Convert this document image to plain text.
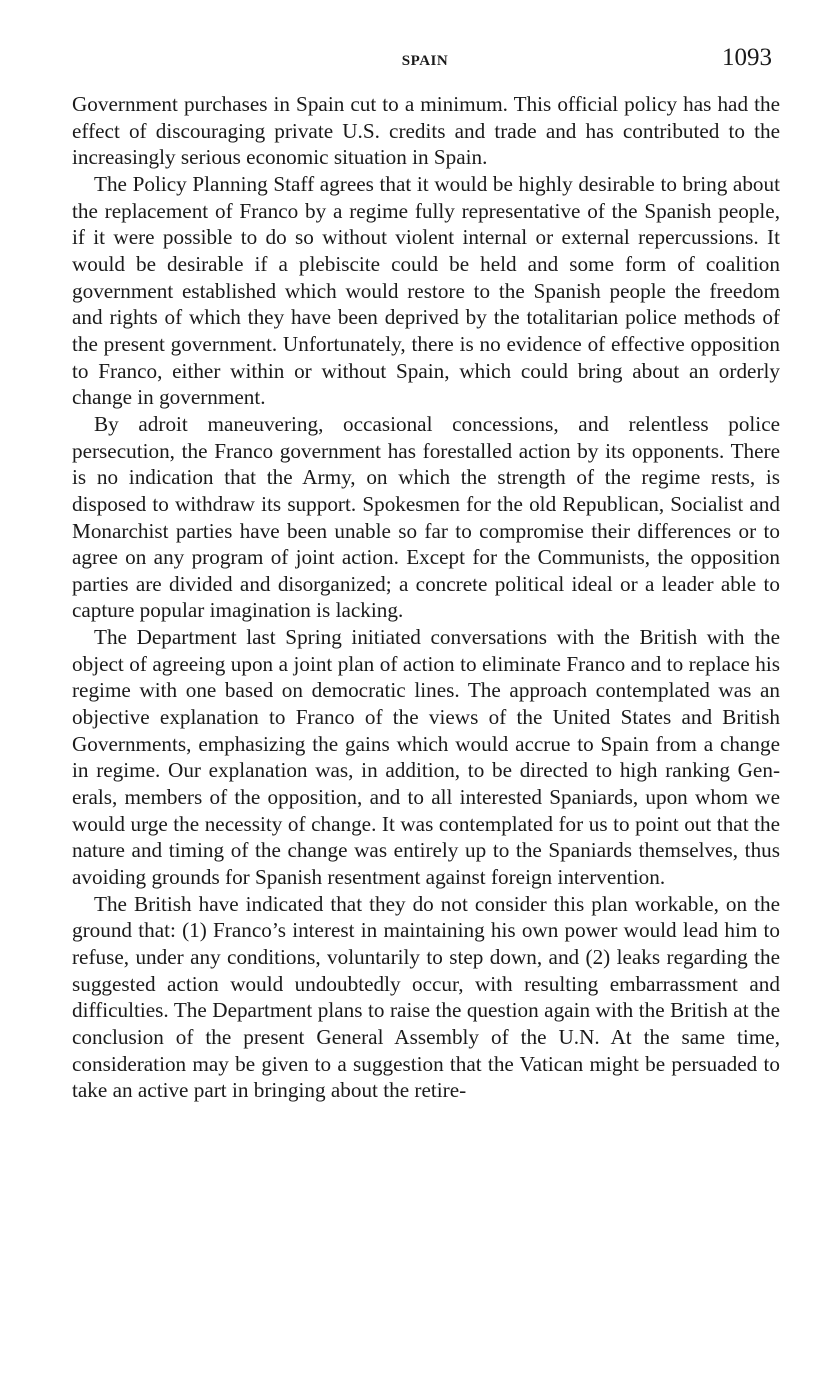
SPAIN	1093

Government purchases in Spain cut to a minimum. This official policy has had the effect of discouraging private U.S. credits and trade and has contributed to the increasingly serious economic situation in Spain.

The Policy Planning Staff agrees that it would be highly desirable to bring about the replacement of Franco by a regime fully representative of the Spanish people, if it were possible to do so without violent internal or external repercussions. It would be desirable if a plebiscite could be held and some form of coalition government established which would restore to the Spanish people the freedom and rights of which they have been deprived by the totalitarian police methods of the present government. Unfortunately, there is no evidence of effective opposition to Franco, either within or without Spain, which could bring about an orderly change in government.

By adroit maneuvering, occasional concessions, and relentless police persecution, the Franco government has forestalled action by its opponents. There is no indication that the Army, on which the strength of the regime rests, is disposed to withdraw its support. Spokesmen for the old Republican, Socialist and Monarchist parties have been unable so far to compromise their differences or to agree on any program of joint action. Except for the Communists, the opposition parties are divided and disorganized; a concrete political ideal or a leader able to capture popular imagination is lacking.

The Department last Spring initiated conversations with the British with the object of agreeing upon a joint plan of action to eliminate Franco and to replace his regime with one based on democratic lines. The approach contemplated was an objective explanation to Franco of the views of the United States and British Governments, emphasizing the gains which would accrue to Spain from a change in regime. Our explanation was, in addition, to be directed to high ranking Generals, members of the opposition, and to all interested Spaniards, upon whom we would urge the necessity of change. It was contemplated for us to point out that the nature and timing of the change was entirely up to the Spaniards themselves, thus avoiding grounds for Spanish resentment against foreign intervention.

The British have indicated that they do not consider this plan workable, on the ground that: (1) Franco’s interest in maintaining his own power would lead him to refuse, under any conditions, voluntarily to step down, and (2) leaks regarding the suggested action would undoubtedly occur, with resulting embarrassment and difficulties. The Department plans to raise the question again with the British at the conclusion of the present General Assembly of the U.N. At the same time, consideration may be given to a suggestion that the Vatican might be persuaded to take an active part in bringing about the retire-
